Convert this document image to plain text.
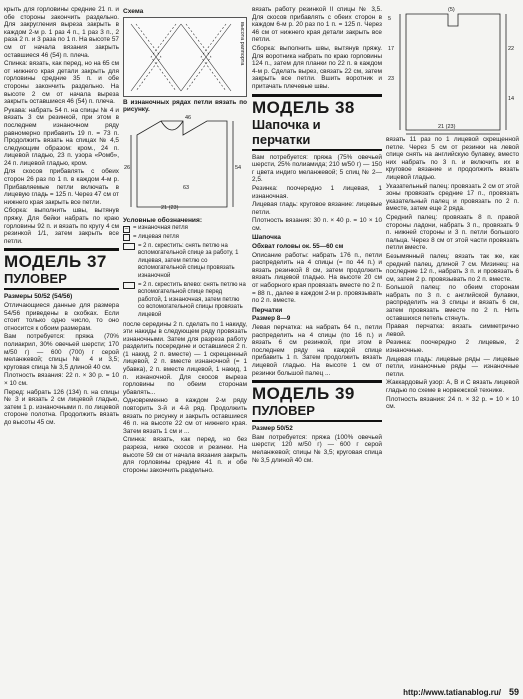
крыть для горловины средние 21 п. и обе стороны закончить раздельно. Для закругления выреза закрыть в каждом 2-м р. 1 раз 4 п., 1 раз 3 п., 2 раза 2 п. и 3 раза по 1 п. На высоте 57 см от начала вязания закрыть оставшиеся 46 (54) п. плеча.

Спинка: вязать, как перед, но на 65 см от нижнего края детали закрыть для горловины средние 35 п. и обе стороны закончить раздельно. На высоте 2 см от начала выреза закрыть оставшиеся 46 (54) п. плеча.

Рукава: набрать 54 п. на спицы № 4 и вязать 3 см резинкой, при этом в последнем изнаночном ряду равномерно прибавить 19 п. = 73 п. Продолжить вязать на спицах № 4,5 следующим образом: кром., 24 п. лицевой гладью, 23 п. узора «Ромб», 24 п. лицевой гладью, кром.

Для скосов прибавлять с обеих сторон 26 раз по 1 п. в каждом 4-м р. Прибавляемые петли включать в лицевую гладь = 125 п. Через 47 см от нижнего края закрыть все петли.

Сборка: выполнить швы, вытянув пряжу. Для бейки набрать по краю горловины 92 п. и вязать по кругу 4 см резинкой 1/1, затем закрыть все петли.

МОДЕЛЬ 37
ПУЛОВЕР

Размеры 50/52 (54/56)

Отличающиеся данные для размера 54/56 приведены в скобках. Если стоит только одно число, то оно относится к обоим размерам.

Вам потребуется: пряжа (70% полиакрил, 30% овечьей шерсти; 170 м/50 г) — 600 (700) г серой меланжевой; спицы № 4 и 3,5; круговая спица № 3,5 длиной 40 см.

Плотность вязания: 22 п. × 30 р. = 10 × 10 см.

Перед: набрать 126 (134) п. на спицы № 3 и вязать 2 см лицевой гладью, затем 1 р. изнаночными п. по лицевой стороне полотна. Продолжить вязать до высоты 45 см.

Схема
высота раппорта

В изнаночных рядах петли вязать по рисунку.

21 (23)
26	54
46
63
Условные обозначения:
– = изнаночная петля
= лицевая петля
= 2 п. скрестить: снять петлю на вспомогательной спице за работу, 1 лицевая, затем петлю со вспомогательной спицы провязать изнаночной
= 2 п. скрестить влево: снять петлю на вспомогательной спице перед работой, 1 изнаночная, затем петлю со вспомогательной спицы провязать лицевой

после середины 2 п. сделать по 1 накиду, эти накиды в следующем ряду провязать изнаночными. Затем для разреза работу разделить посередине и оставшиеся 2 п. (1 накид, 2 п. вместе) — 1 скрещенный лицевой, 2 п. вместе изнаночной (= 1 убавка), 2 п. вместе лицевой, 1 накид, 1 п. изнаночной. Для скосов выреза горловины по обеим сторонам убавлять...

Одновременно в каждом 2-м ряду повторить 3-й и 4-й ряд. Продолжить вязать по рисунку и закрыть оставшиеся 46 п. на высоте 22 см от нижнего края. Затем вязать 1 см и ...

Спинка: вязать, как перед, но без разреза, ниже скосов и резинки. На высоте 59 см от начала вязания закрыть для горловины средние 41 п. и обе стороны закончить раздельно.

вязать работу резинкой II спицы № 3,5. Для скосов прибавлять с обеих сторон в каждом 6-м р. 20 раз по 1 п. = 125 п. Через 46 см от нижнего края детали закрыть все петли.

Сборка: выполнить швы, вытянув пряжу. Для воротника набрать по краю горловины 124 п., затем для планки по 22 п. в каждом 4-м р. Сделать вырез, связать 22 см, затем закрыть все петли. Вшить воротник и притачать плечевые швы.

МОДЕЛЬ 38
Шапочка и перчатки

Вам потребуется: пряжа (75% овечьей шерсти, 25% полиамида; 210 м/50 г) — 150 г цвета индиго меланжевой; 5 спиц № 2—2,5.

Резинка: поочередно 1 лицевая, 1 изнаночная.

Лицевая гладь: круговое вязание: лицевые петли.

Плотность вязания: 30 п. × 40 р. = 10 × 10 см.

Шапочка

Обхват головы ок. 55—60 см

Описание работы: набрать 176 п., петли распределить на 4 спицы (= по 44 п.) и вязать резинкой 8 см, затем продолжить вязать лицевой гладью. На высоте 20 см от наборного края провязать вместе по 2 п. = 88 п., далее в каждом 2-м р. провязывать по 2 п. вместе.

Перчатки

Размер 8—9

Левая перчатка: на набрать 64 п., петли распределить на 4 спицы (по 16 п.) и вязать 6 см резинкой, при этом в последнем ряду на каждой спице прибавить 1 п. Затем продолжить вязать лицевой гладью. На высоте 1 см от резинки большой палец ...

МОДЕЛЬ 39
ПУЛОВЕР

Размер 50/52

Вам потребуется: пряжа (100% овечьей шерсти; 120 м/50 г) — 600 г серой меланжевой; спицы № 3,5; круговая спица № 3,5 длиной 40 см.

5
17
23
(5)
22
14
21 (23)

вязать 11 раз по 1 лицевой скрещенной петле. Через 5 см от резинки на левой спице снять на английскую булавку, вместо них набрать по 3 п. и включить их в круговое вязание и продолжить вязать лицевой гладью.

Указательный палец: провязать 2 см от этой зоны провязать средние 17 п., провязать указательный палец и провязать по 2 п. вместе, затем еще 2 ряда.

Средний палец: провязать 8 п. правой стороны ладони, набрать 3 п., провязать 9 п. нижней стороны и 3 п. петли большого пальца. Через 8 см от этой части провязать петли вместе.

Безымянный палец: вязать так же, как средний палец, длиной 7 см. Мизинец: на последние 12 п., набрать 3 п. и провязать 6 см, затем 2 р. провязывать по 2 п. вместе.

Большой палец: по обеим сторонам набрать по 3 п. с английской булавки, распределить на 3 спицы и вязать 6 см, затем провязать вместе по 2 п. Нить оставшихся петель стянуть.

Правая перчатка: вязать симметрично левой.

Резинка: поочередно 2 лицевые, 2 изнаночные.

Лицевая гладь: лицевые ряды — лицевые петли, изнаночные ряды — изнаночные петли.

Жаккардовый узор: А, В и С вязать лицевой гладью по схеме в норвежской технике.

Плотность вязания: 24 п. × 32 р. = 10 × 10 см.

http://www.tatianablog.ru/ 59
